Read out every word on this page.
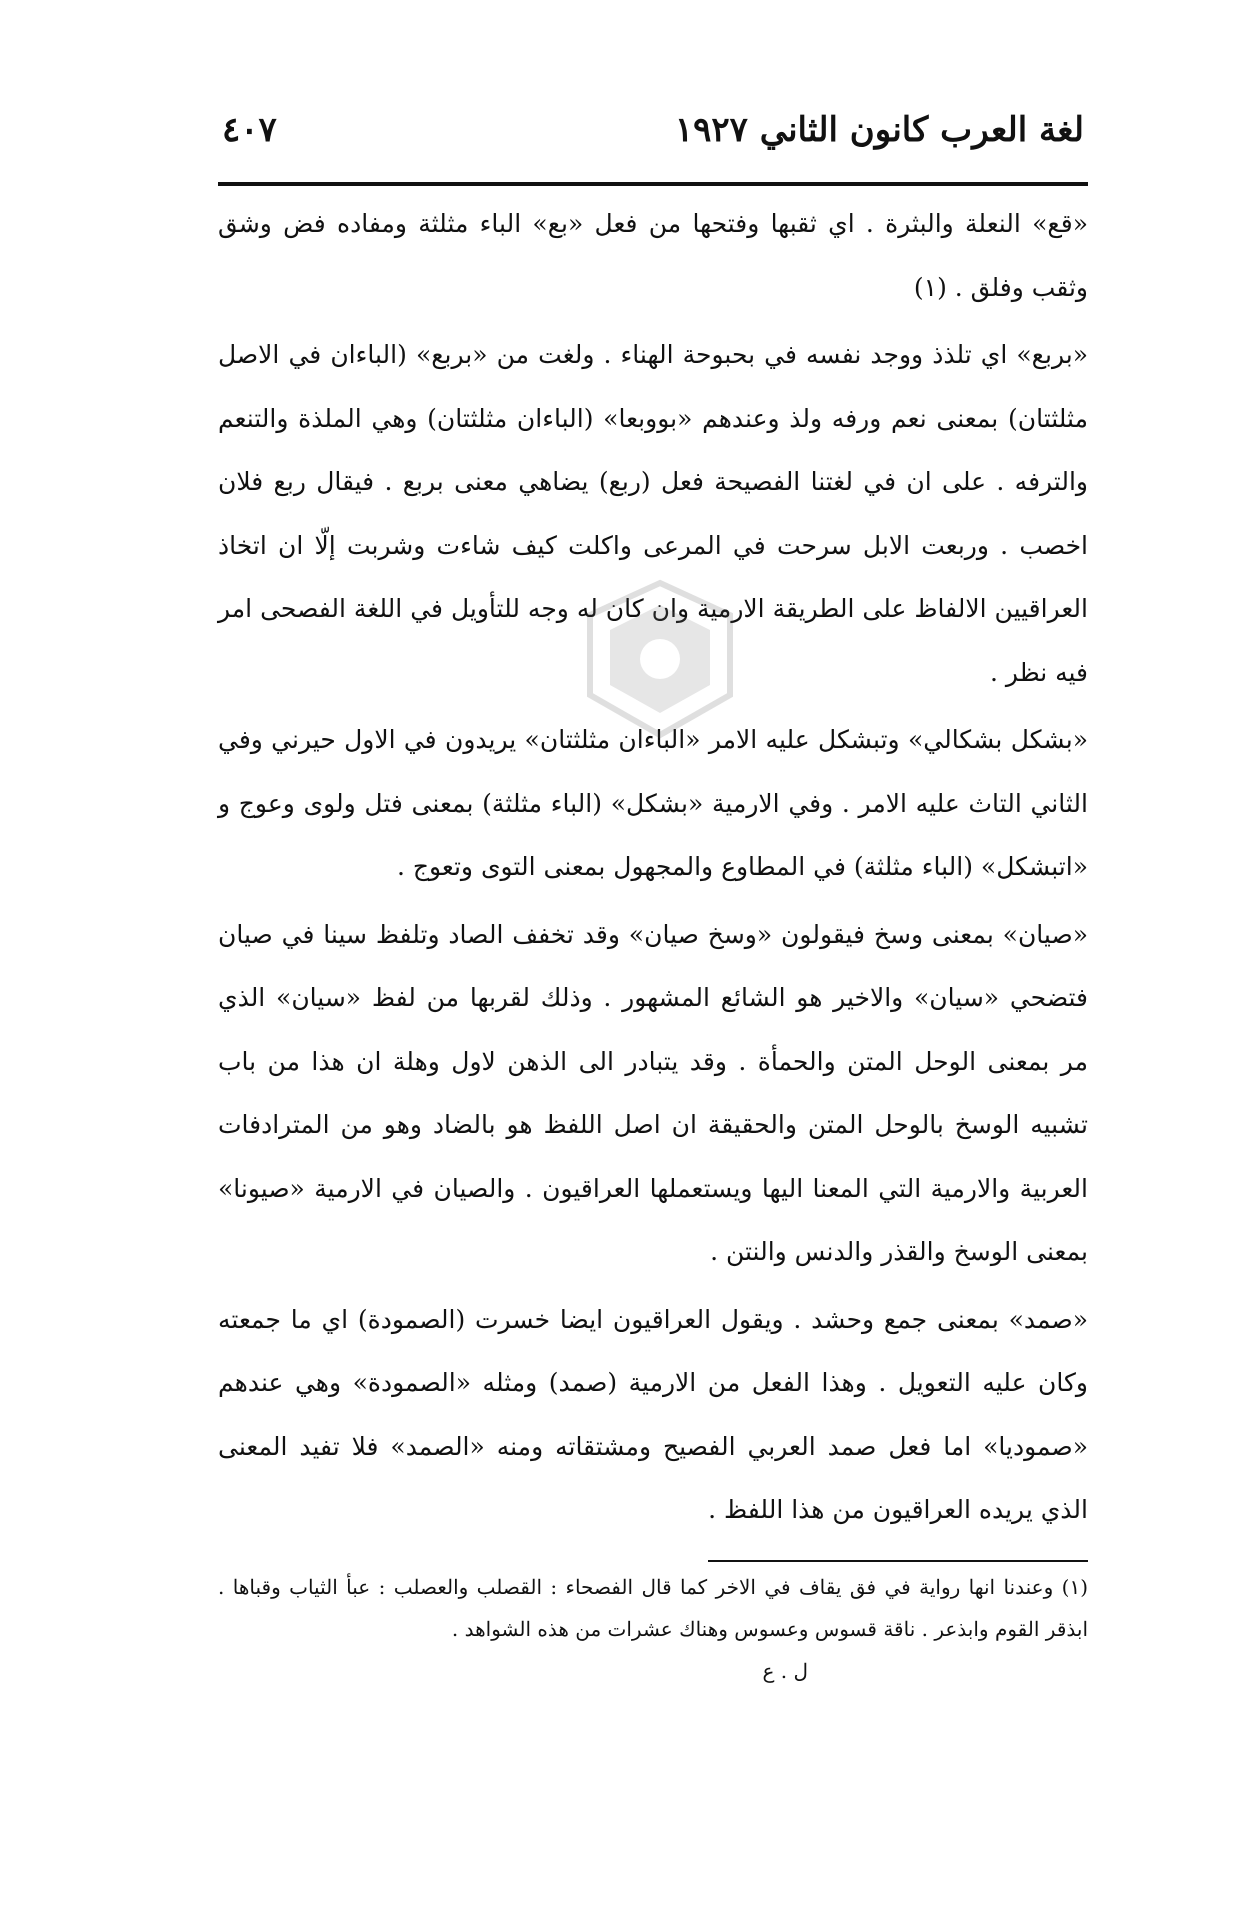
لغة العرب كانون الثاني ١٩٢٧
٤٠٧

«قع» النعلة والبثرة . اي ثقبها وفتحها من فعل «بع» الباء مثلثة ومفاده فض وشق وثقب وفلق . (١)

«بربع» اي تلذذ ووجد نفسه في بحبوحة الهناء . ولغت من «بربع» (الباءان في الاصل مثلثتان) بمعنى نعم ورفه ولذ وعندهم «بووبعا» (الباءان مثلثتان) وهي الملذة والتنعم والترفه . على ان في لغتنا الفصيحة فعل (ربع) يضاهي معنى بربع . فيقال ربع فلان اخصب . وربعت الابل سرحت في المرعى واكلت كيف شاءت وشربت إلّا ان اتخاذ العراقيين الالفاظ على الطريقة الارمية وان كان له وجه للتأويل في اللغة الفصحى امر فيه نظر .

«بشكل بشكالي» وتبشكل عليه الامر «الباءان مثلثتان» يريدون في الاول حيرني وفي الثاني التاث عليه الامر . وفي الارمية «بشكل» (الباء مثلثة) بمعنى فتل ولوى وعوج و «اتبشكل» (الباء مثلثة) في المطاوع والمجهول بمعنى التوى وتعوج .

«صيان» بمعنى وسخ فيقولون «وسخ صيان» وقد تخفف الصاد وتلفظ سينا في صيان فتضحي «سيان» والاخير هو الشائع المشهور . وذلك لقربها من لفظ «سيان» الذي مر بمعنى الوحل المتن والحمأة . وقد يتبادر الى الذهن لاول وهلة ان هذا من باب تشبيه الوسخ بالوحل المتن والحقيقة ان اصل اللفظ هو بالضاد وهو من المترادفات العربية والارمية التي المعنا اليها ويستعملها العراقيون . والصيان في الارمية «صيونا» بمعنى الوسخ والقذر والدنس والنتن .

«صمد» بمعنى جمع وحشد . ويقول العراقيون ايضا خسرت (الصمودة) اي ما جمعته وكان عليه التعويل . وهذا الفعل من الارمية (صمد) ومثله «الصمودة» وهي عندهم «صمودیا» اما فعل صمد العربي الفصيح ومشتقاته ومنه «الصمد» فلا تفيد المعنى الذي يريده العراقيون من هذا اللفظ .

(١) وعندنا انها رواية في فق يقاف في الاخر كما قال الفصحاء : القصلب والعصلب : عبأ الثياب وقباها . ابذقر القوم وابذعر . ناقة قسوس وعسوس وهناك عشرات من هذه الشواهد .

ل . ع
